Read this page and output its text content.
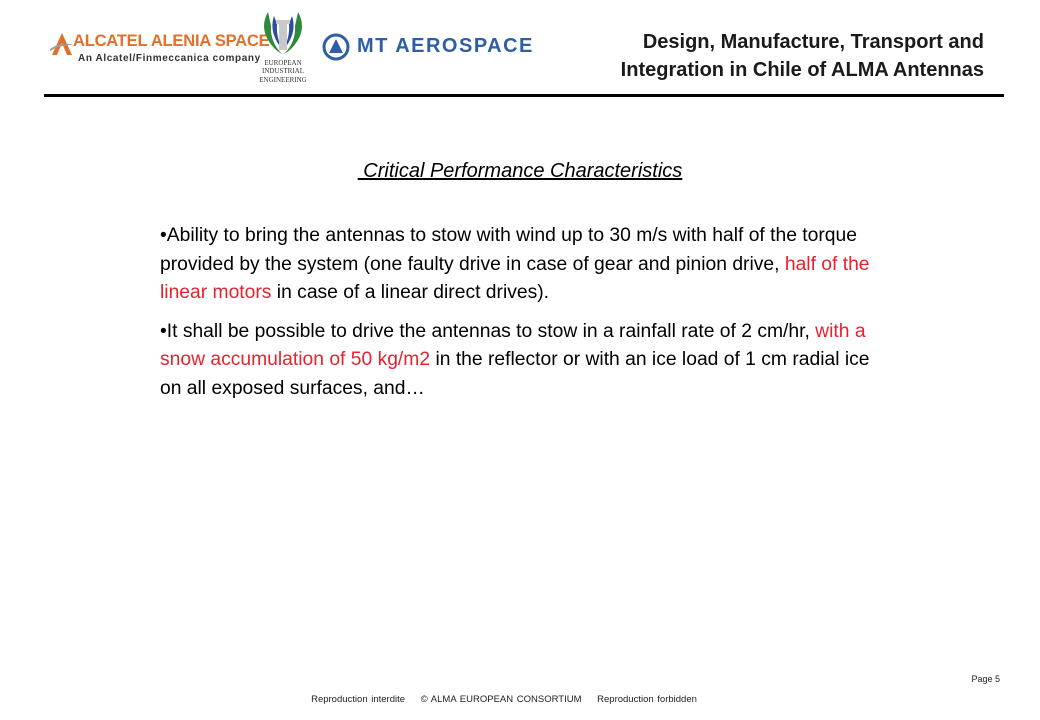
ALCATEL ALENIA SPACE
An Alcatel/Finmeccanica company EUROPEAN
INDUSTRIAL
ENGINEERING
MT AEROSPACE	Design, Manufacture, Transport and
Integration in Chile of ALMA Antennas
Critical Performance Characteristics

•Ability to bring the antennas to stow with wind up to 30 m/s with half of the torque provided by the system (one faulty drive in case of gear and pinion drive, half of the linear motors in case of a linear direct drives).

•It shall be possible to drive the antennas to stow in a rainfall rate of 2 cm/hr, with a snow accumulation of 50 kg/m2 in the reflector or with an ice load of 1 cm radial ice on all exposed surfaces, and…

Page 5
Reproduction interdite © ALMA EUROPEAN CONSORTIUM Reproduction forbidden
